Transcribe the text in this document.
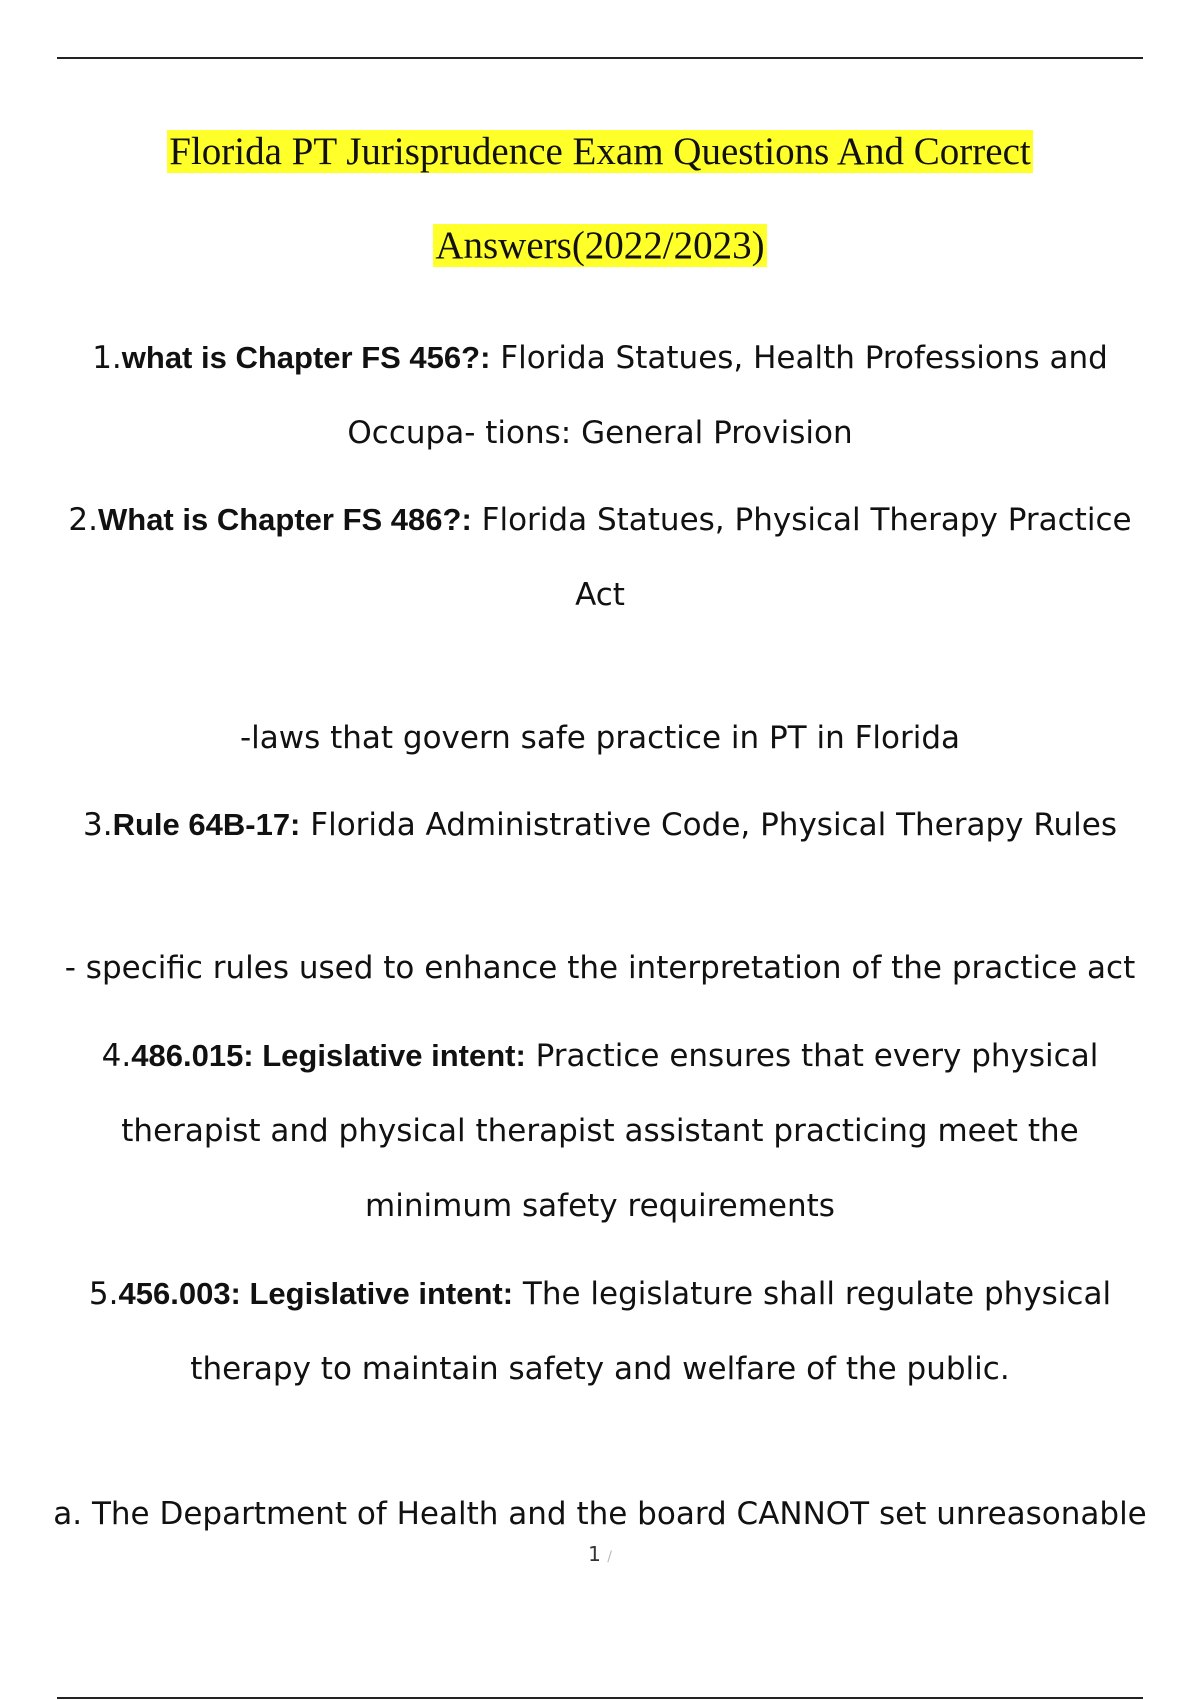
Florida PT Jurisprudence Exam Questions And Correct
Answers(2022/2023)
1.what is Chapter FS 456?: Florida Statues, Health Professions and
Occupa- tions: General Provision
2.What is Chapter FS 486?: Florida Statues, Physical Therapy Practice
Act
-laws that govern safe practice in PT in Florida
3.Rule 64B-17: Florida Administrative Code, Physical Therapy Rules
- specific rules used to enhance the interpretation of the practice act
4.486.015: Legislative intent: Practice ensures that every physical
therapist and physical therapist assistant practicing meet the
minimum safety requirements
5.456.003: Legislative intent: The legislature shall regulate physical
therapy to maintain safety and welfare of the public.
a. The Department of Health and the board CANNOT set unreasonable
1 /
